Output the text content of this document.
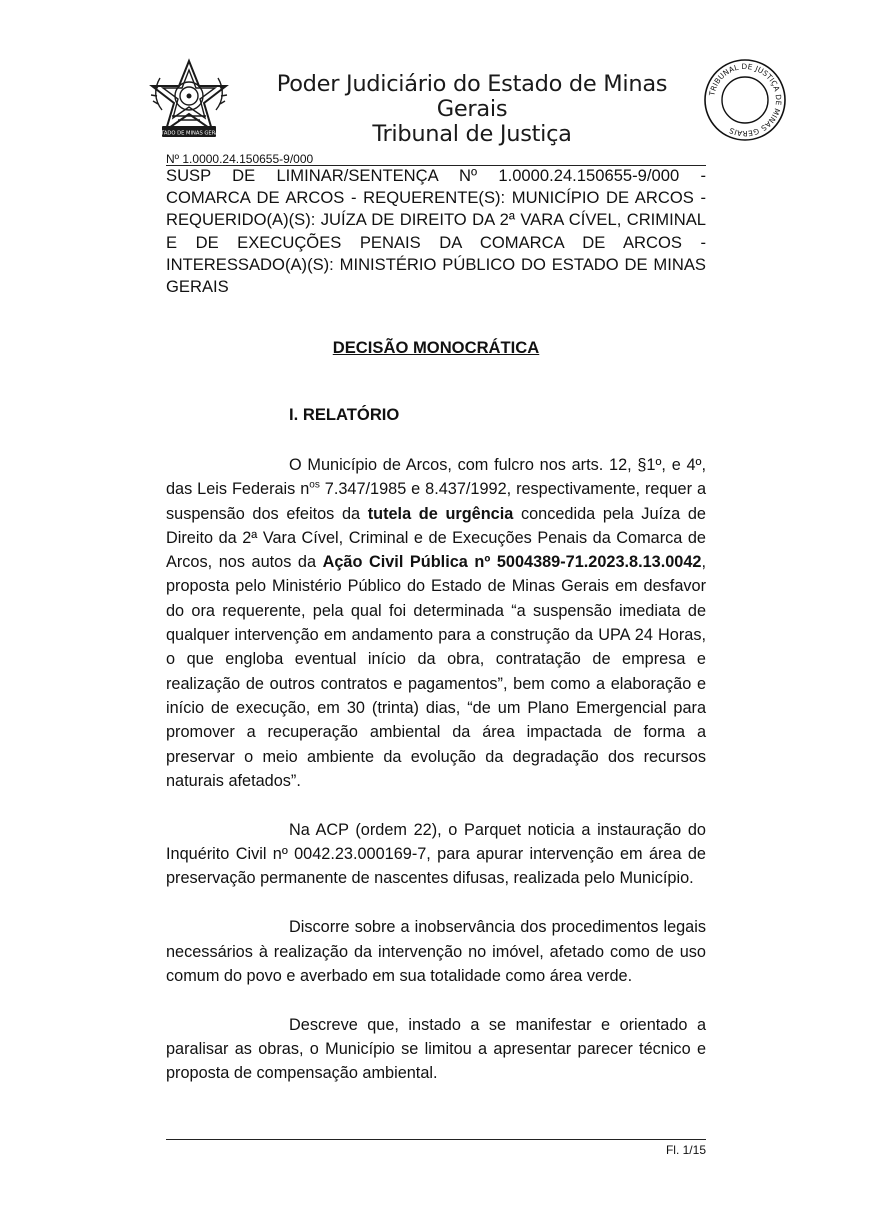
ESTADO DE MINAS GERAIS
Poder Judiciário do Estado de Minas Gerais
Tribunal de Justiça
TRIBUNAL DE JUSTIÇA DE MINAS GERAIS
Nº 1.0000.24.150655-9/000
SUSP DE LIMINAR/SENTENÇA Nº 1.0000.24.150655-9/000 - COMARCA DE ARCOS - REQUERENTE(S): MUNICÍPIO DE ARCOS - REQUERIDO(A)(S): JUÍZA DE DIREITO DA 2ª VARA CÍVEL, CRIMINAL E DE EXECUÇÕES PENAIS DA COMARCA DE ARCOS - INTERESSADO(A)(S): MINISTÉRIO PÚBLICO DO ESTADO DE MINAS GERAIS
DECISÃO MONOCRÁTICA
I. RELATÓRIO

O Município de Arcos, com fulcro nos arts. 12, §1º, e 4º, das Leis Federais $n^{os}$ 7.347/1985 e 8.437/1992, respectivamente, requer a suspensão dos efeitos da tutela de urgência concedida pela Juíza de Direito da 2ª Vara Cível, Criminal e de Execuções Penais da Comarca de Arcos, nos autos da Ação Civil Pública nº 5004389-71.2023.8.13.0042, proposta pelo Ministério Público do Estado de Minas Gerais em desfavor do ora requerente, pela qual foi determinada “a suspensão imediata de qualquer intervenção em andamento para a construção da UPA 24 Horas, o que engloba eventual início da obra, contratação de empresa e realização de outros contratos e pagamentos”, bem como a elaboração e início de execução, em 30 (trinta) dias, “de um Plano Emergencial para promover a recuperação ambiental da área impactada de forma a preservar o meio ambiente da evolução da degradação dos recursos naturais afetados”.

Na ACP (ordem 22), o Parquet noticia a instauração do Inquérito Civil nº 0042.23.000169-7, para apurar intervenção em área de preservação permanente de nascentes difusas, realizada pelo Município.

Discorre sobre a inobservância dos procedimentos legais necessários à realização da intervenção no imóvel, afetado como de uso comum do povo e averbado em sua totalidade como área verde.

Descreve que, instado a se manifestar e orientado a paralisar as obras, o Município se limitou a apresentar parecer técnico e proposta de compensação ambiental.

Fl. 1/15
